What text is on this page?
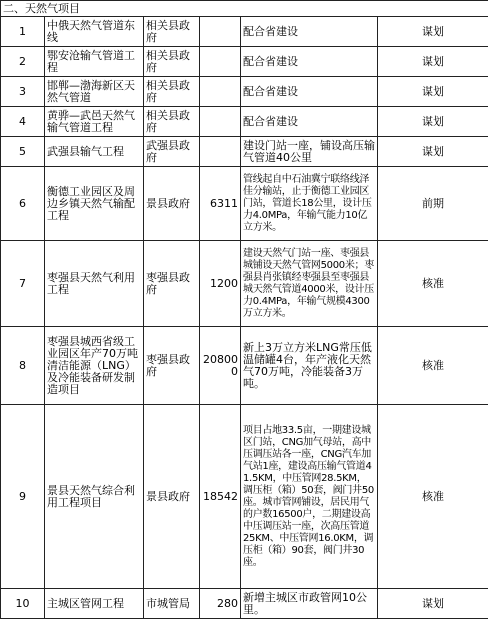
二、天然气项目					
1	中俄天然气管道东线	相关县政府		配合省建设	谋划
2	鄂安沧输气管道工程	相关县政府		配合省建设	谋划
3	邯郸—渤海新区天然气管道	相关县政府		配合省建设	谋划
4	黄骅—武邑天然气输气管道工程	相关县政府		配合省建设	谋划
5	武强县输气工程	武强县政府		建设门站一座，铺设高压输气管道40公里	谋划
6	衡德工业园区及周边乡镇天然气输配工程	景县政府	6311	管线起自中石油冀宁联络线泽佳分输站，止于衡德工业园区门站，管道长18公里，设计压力4.0MPa，年输气能力10亿立方米。	前期
7	枣强县天然气利用工程	枣强县政府	1200	建设天然气门站一座、枣强县城铺设天然气管网5000米；枣强县肖张镇经枣强县至枣强县城天然气管道4000米，设计压力0.4MPa，年输气规模4300万立方米。	核准
8	枣强县城西省级工业园区年产70万吨清洁能源（LNG）及冷能装备研发制造项目	枣强县政府	208000	新上3万立方米LNG常压低温储罐4台，年产液化天然气70万吨，冷能装备3万吨。	核准
9	景县天然气综合利用工程项目	景县政府	18542	项目占地33.5亩，一期建设城区门站，CNG加气母站，高中压调压站各一座，CNG汽车加气站1座，建设高压输气管道41.5KM，中压管网28.5KM，调压柜（箱）50套，阀门井50座。城市管网铺设，居民用气的户数16500户，二期建设高中压调压站一座，次高压管道25KM、中压管网16.0KM，调压柜（箱）90套，阀门井30座。	核准
10	主城区管网工程	市城管局	280	新增主城区市政管网10公里。	谋划
